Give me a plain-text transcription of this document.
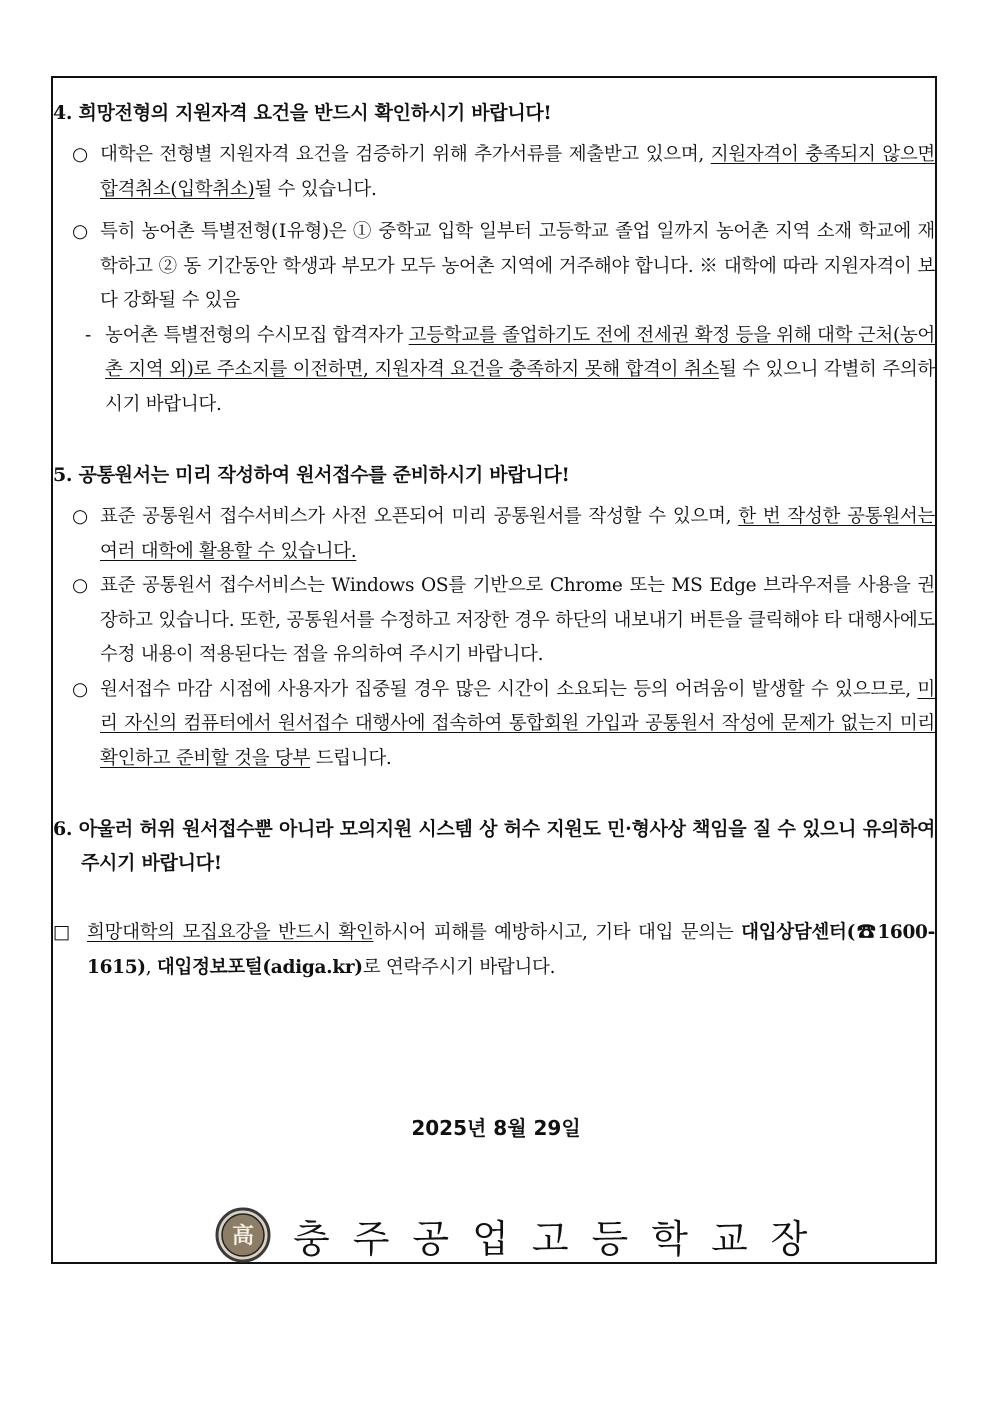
4. 희망전형의 지원자격 요건을 반드시 확인하시기 바랍니다!

○ 대학은 전형별 지원자격 요건을 검증하기 위해 추가서류를 제출받고 있으며, 지원자격이 충족되지 않으면 합격취소(입학취소)될 수 있습니다.

○ 특히 농어촌 특별전형(Ⅰ유형)은 ① 중학교 입학 일부터 고등학교 졸업 일까지 농어촌 지역 소재 학교에 재학하고 ② 동 기간동안 학생과 부모가 모두 농어촌 지역에 거주해야 합니다. ※ 대학에 따라 지원자격이 보다 강화될 수 있음

- 농어촌 특별전형의 수시모집 합격자가 고등학교를 졸업하기도 전에 전세권 확정 등을 위해 대학 근처(농어촌 지역 외)로 주소지를 이전하면, 지원자격 요건을 충족하지 못해 합격이 취소될 수 있으니 각별히 주의하시기 바랍니다.

5. 공통원서는 미리 작성하여 원서접수를 준비하시기 바랍니다!

○ 표준 공통원서 접수서비스가 사전 오픈되어 미리 공통원서를 작성할 수 있으며, 한 번 작성한 공통원서는 여러 대학에 활용할 수 있습니다.

○ 표준 공통원서 접수서비스는 Windows OS를 기반으로 Chrome 또는 MS Edge 브라우저를 사용을 권장하고 있습니다. 또한, 공통원서를 수정하고 저장한 경우 하단의 내보내기 버튼을 클릭해야 타 대행사에도 수정 내용이 적용된다는 점을 유의하여 주시기 바랍니다.

○ 원서접수 마감 시점에 사용자가 집중될 경우 많은 시간이 소요되는 등의 어려움이 발생할 수 있으므로, 미리 자신의 컴퓨터에서 원서접수 대행사에 접속하여 통합회원 가입과 공통원서 작성에 문제가 없는지 미리 확인하고 준비할 것을 당부 드립니다.

6. 아울러 허위 원서접수뿐 아니라 모의지원 시스템 상 허수 지원도 민·형사상 책임을 질 수 있으니 유의하여 주시기 바랍니다!

□ 희망대학의 모집요강을 반드시 확인하시어 피해를 예방하시고, 기타 대입 문의는 대입상담센터(☎1600-1615), 대입정보포털(adiga.kr)로 연락주시기 바랍니다.

2025년 8월 29일
高 충주공업고등학교장
